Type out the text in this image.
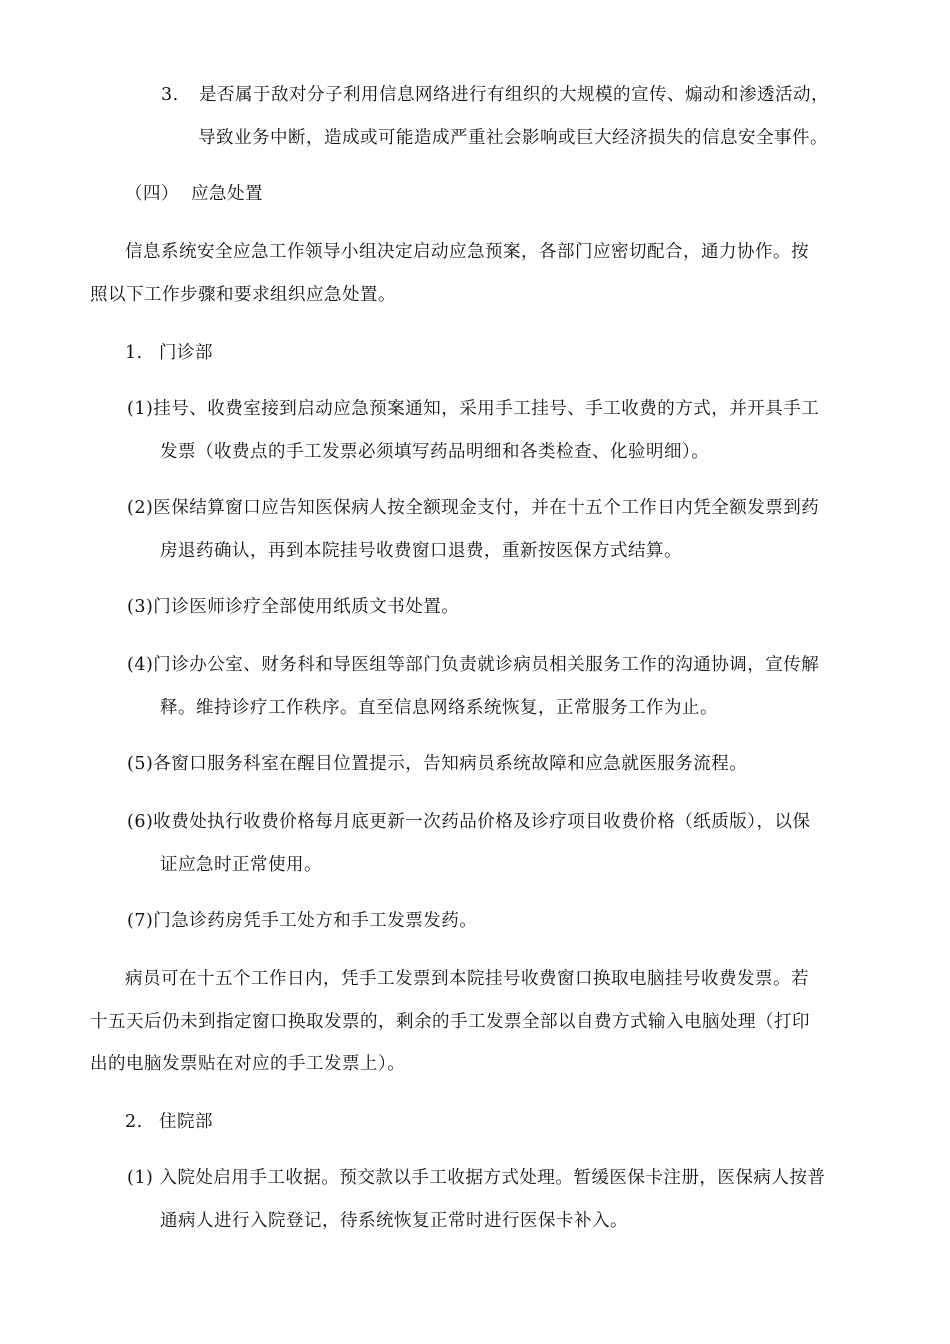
3. 是否属于敌对分子利用信息网络进行有组织的大规模的宣传、煽动和渗透活动，
导致业务中断，造成或可能造成严重社会影响或巨大经济损失的信息安全事件。
（四） 应急处置
信息系统安全应急工作领导小组决定启动应急预案，各部门应密切配合，通力协作。按
照以下工作步骤和要求组织应急处置。
1. 门诊部
(1)挂号、收费室接到启动应急预案通知，采用手工挂号、手工收费的方式，并开具手工
发票（收费点的手工发票必须填写药品明细和各类检查、化验明细）。
(2)医保结算窗口应告知医保病人按全额现金支付，并在十五个工作日内凭全额发票到药
房退药确认，再到本院挂号收费窗口退费，重新按医保方式结算。
(3)门诊医师诊疗全部使用纸质文书处置。
(4)门诊办公室、财务科和导医组等部门负责就诊病员相关服务工作的沟通协调，宣传解
释。维持诊疗工作秩序。直至信息网络系统恢复，正常服务工作为止。
(5)各窗口服务科室在醒目位置提示，告知病员系统故障和应急就医服务流程。
(6)收费处执行收费价格每月底更新一次药品价格及诊疗项目收费价格（纸质版），以保
证应急时正常使用。
(7)门急诊药房凭手工处方和手工发票发药。
病员可在十五个工作日内，凭手工发票到本院挂号收费窗口换取电脑挂号收费发票。若
十五天后仍未到指定窗口换取发票的，剩余的手工发票全部以自费方式输入电脑处理（打印
出的电脑发票贴在对应的手工发票上）。
2. 住院部
(1) 入院处启用手工收据。预交款以手工收据方式处理。暂缓医保卡注册，医保病人按普
通病人进行入院登记，待系统恢复正常时进行医保卡补入。
